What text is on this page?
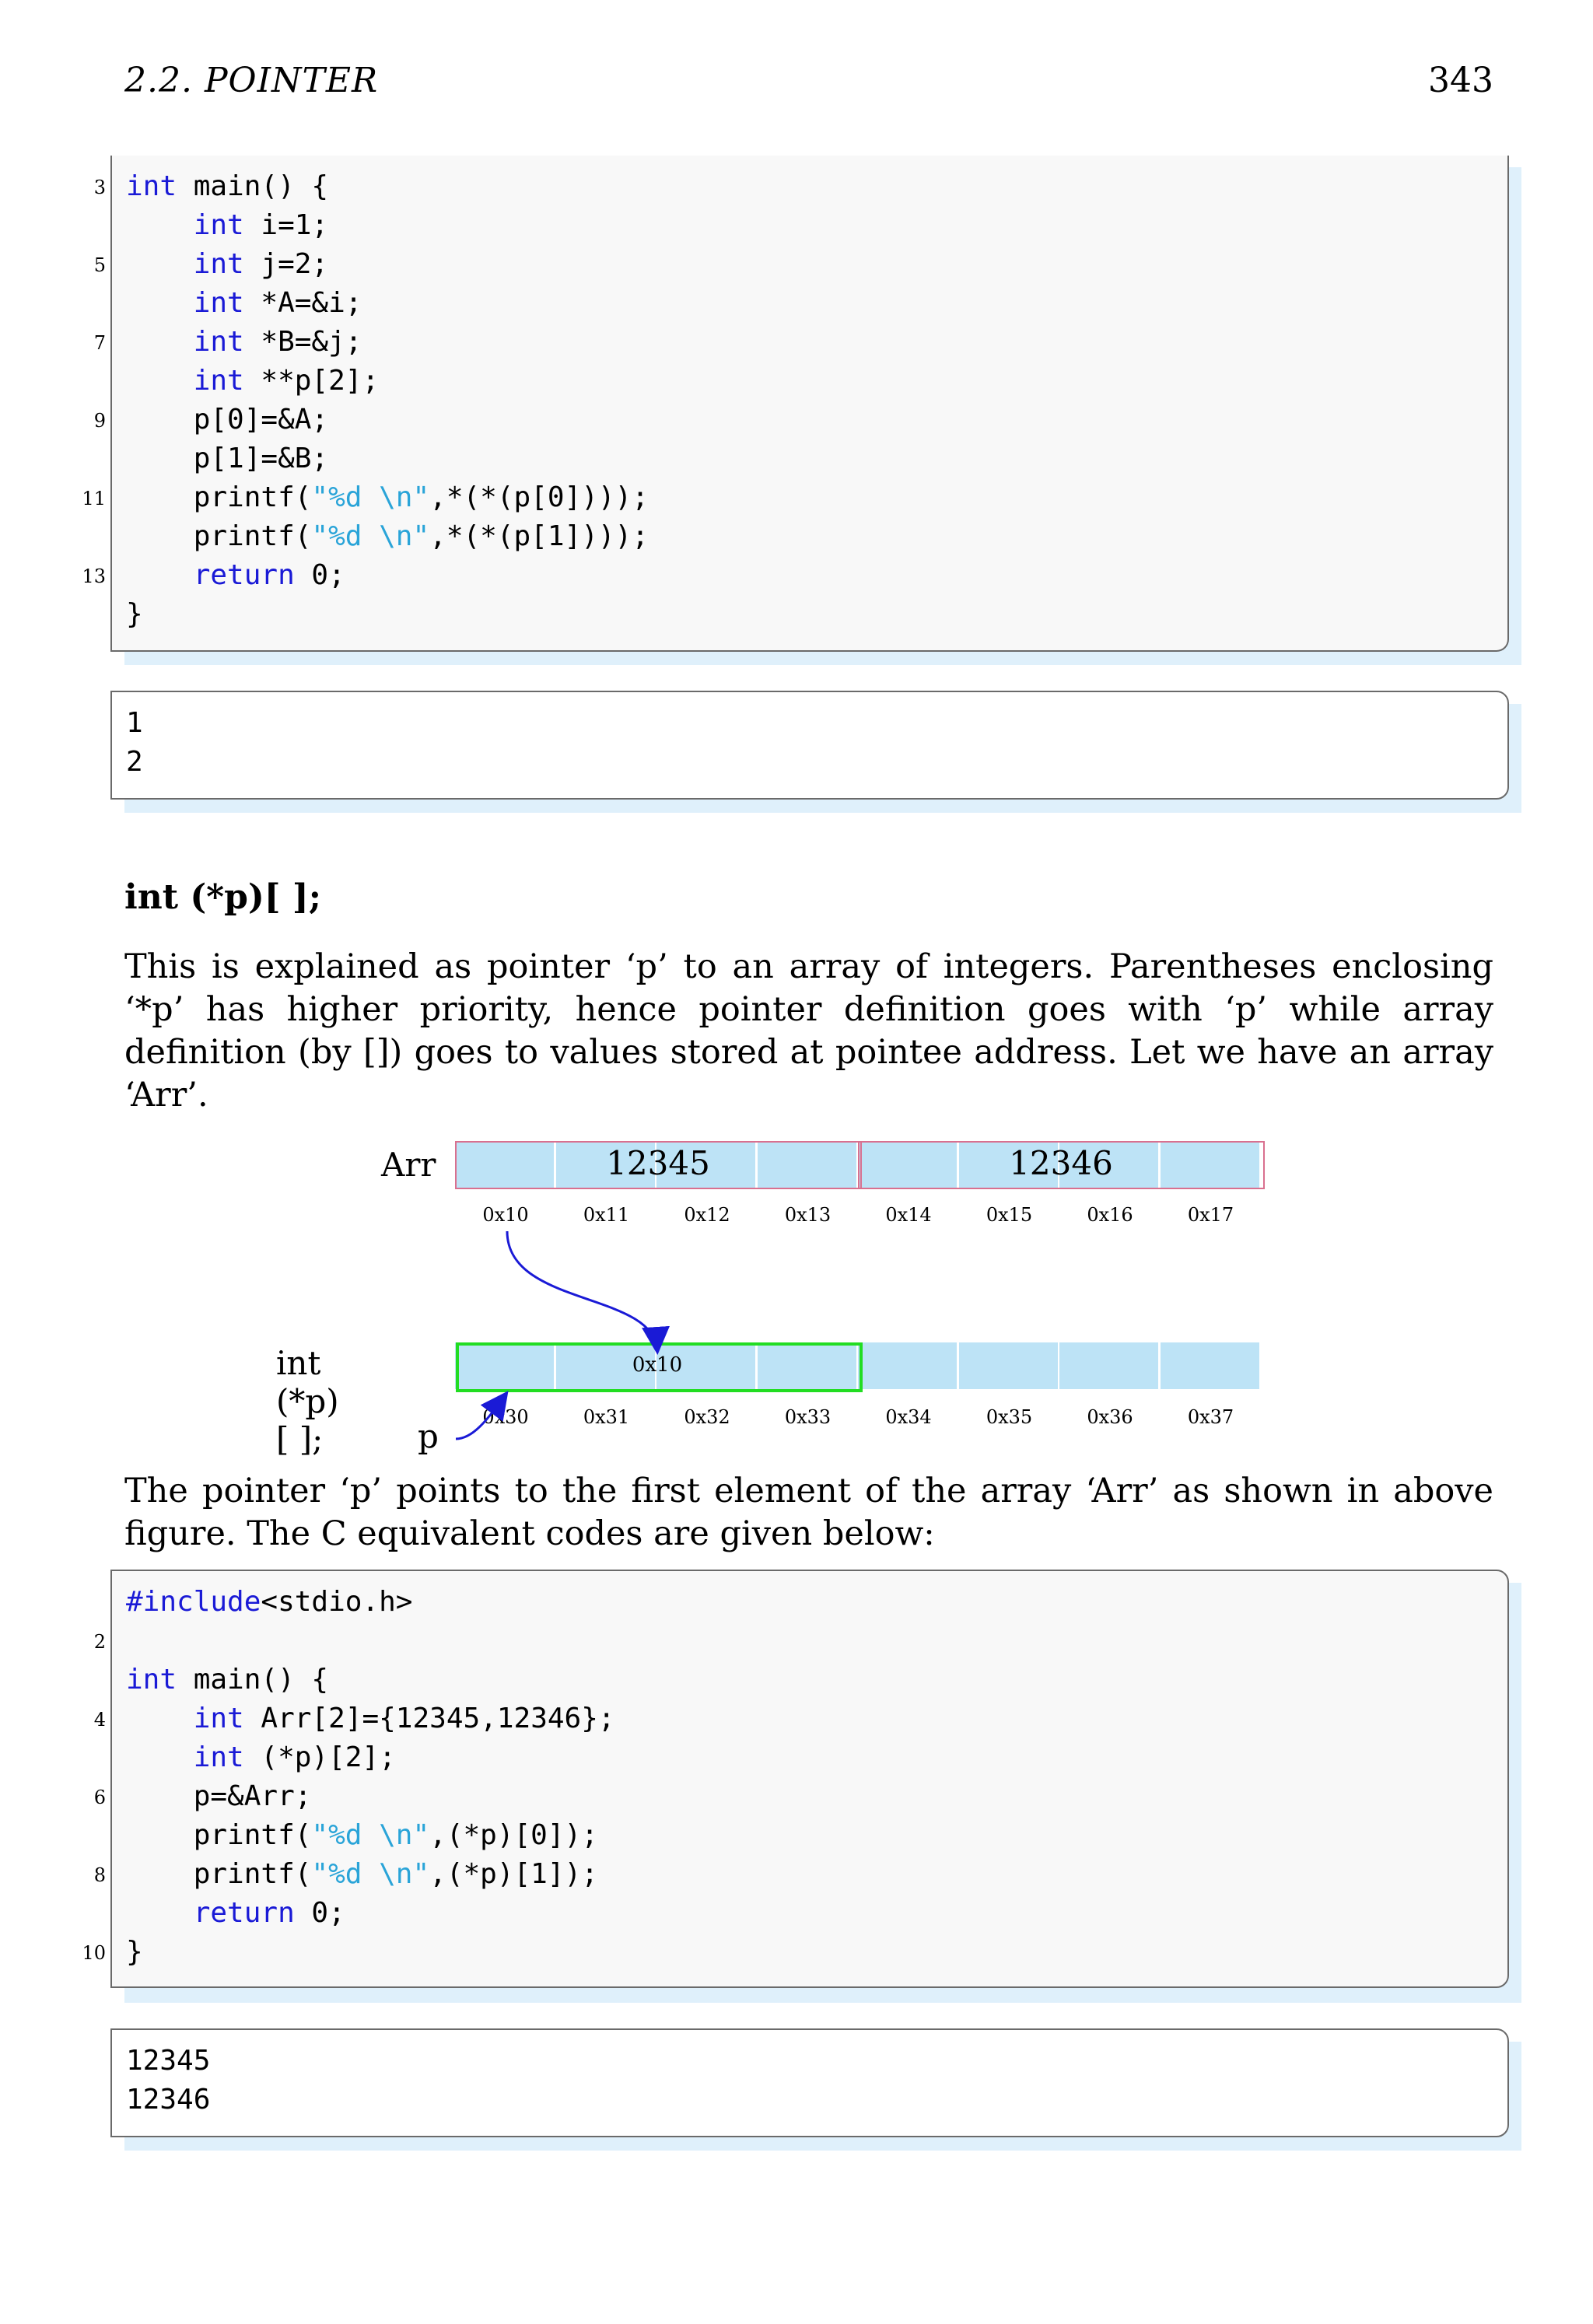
2.2. POINTER	343
3 int main() {
int i=1;
5	int j=2;
int *A=&i;
7	int *B=&j;
int **p[2];
9 p[0]=&A;
p[1]=&B;
11 printf("%d \n",*(*(p[0])));
printf("%d \n",*(*(p[1])));
13	return 0;
}
1
2
int (*p)[ ];
This is explained as pointer ‘p’ to an array of integers. Parentheses enclosing ‘*p’ has higher priority, hence pointer definition goes with ‘p’ while array definition (by []) goes to values stored at pointee address. Let we have an array ‘Arr’.
Arr	12345	12346
0x10	0x11	0x12	0x13	0x14	0x15	0x16	0x17
int (*p)[ ];
0x10
0x30	0x31	0x32	0x33	0x34	0x35	0x36	0x37
p
The pointer ‘p’ points to the first element of the array ‘Arr’ as shown in above figure. The C equivalent codes are given below:
#include<stdio.h>
2
int main() {
4	int Arr[2]={12345,12346};
int (*p)[2];
6 p=&Arr;
printf("%d \n",(*p)[0]);
8 printf("%d \n",(*p)[1]);
return 0;
10 }
12345
12346
